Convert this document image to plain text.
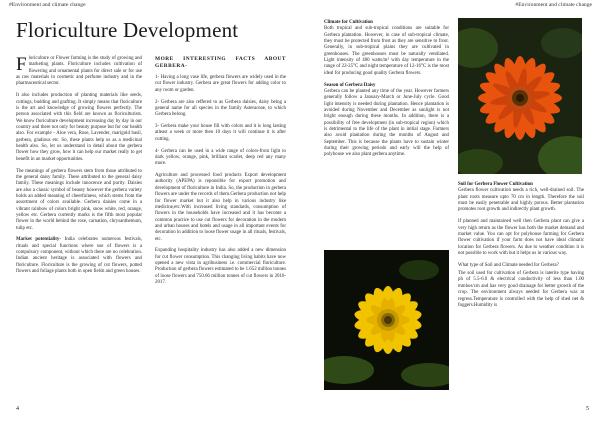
#Environment and climate change
Floriculture Development

Floriculture or Flower farming is the study of growing and marketing plants. Floriculture includes cultivation of flowering and ornamental plants for direct sale or for use as raw materials in cosmetic and perfume industry and in the pharmaceutical sector.

It also includes production of planting materials like seeds, cuttings, budding and grafting. It simply means that floriculture is the art and knowledge of growing flowers perfectly. The person associated with this field are known as floriculturists. We know floriculture development increasing day by day in our country and there not only for beauty purpose but for our health also. For example - Aloe vera, Rose, Lavender, marigold basil, gerbera, gladious etc. So, these plants help us as a medicinal health also. So, let us understand in detail about the gerbera flower how they grow, how it can help our market really to get benefit in an market opportunities.

The meanings of gerbera flowers stem from those attributed to the general daisy family. These attributed to the general daisy family. These meanings include innocence and purity. Daisies are also a classic symbol of beauty however the gerbera variety holds an added meaning of cheerfulness, which stems from the assortment of colors available. Gerbera daisies come in a vibrant rainbow of colors bright pink, snow white, red, orange, yellow etc. Gerbera currently marks is the fifth most popular flower in the world behind the rose, carnation, chrysanthemum, tulip etc.

Market potentiality- India celebrates numerous festivals, rituals and special functions where use of flowers is a compulsory component, without which there are no celebration. Indian ancient heritage is associated with flowers and floriculture. Floriculture is the growing of cut flowers, potted flowers and foliage plants both in open fields and green houses.

MORE INTERESTING FACTS ABOUT GERBERA-

1- Having a long vase life, gerbera flowers are widely used in the cut flower industry. Gerbera are great flowers for adding color to any room or garden.

2- Gerbera are also reffered to as Gerbera daisies, daisy being a general name for all species in the family Asteraceae, to which Gerbera belong.

3- Gerbera make your house fill with colors and it is long lasting atleast a week or more then 10 days it will continue it is after cutting.

4- Gerbera can be used in a wide range of colors-from light to dark yellow, orange, pink, brilliant scarlet, deep red any many more.

Agriculture and processed food products Export development authority (APEPA) is reponsible for export promotion and development of floriculture in India. So, the production in gerbera flowers are under the records of them.Gerbera production not help for flower market but it also help in various industry like medicine,etc.With increased living standards, consumption of flowers in the households have increased and it has become a common practice to use cut flowers for decoration in the modern and urban houses and hotels and usage in all important events for decoration in addition to loose flower usage in all rituals, festivals, etc.

Expanding hospitality industry has also added a new dimension for cut flower consumption. This changing living habits have now opened a new vista in agribusiness i.e. commercial floriculture. Production of gerbera flowers estimated to be 1.652 million tonnes of loose flowers and 750.66 million tonnes of cut flowers in 2016-2017.

4
#Environment and climate change

Climate for Cultivation

Both tropical and sub-tropical conditions are suitable for Gerbera plantation. However, in case of sub-tropical climate, they must be protected from frost as they are sensitive to frost. Generally, in sub-tropical plains they are cultivated in greenhouses. The greenhouses must be naturally ventilated. Light intensity of 400 watts/m² with day temperature in the range of 22-25°C and night temperature of 12-16°C is the most ideal for producing good quality Gerbera flowers.

Season of Gerbera Daisy

Gerbera can be planted any time of the year. However farmers generally follow a January-March or June-July cycle. Good light intensity is needed during plantation. Hence plantation is avoided during November and December as sunlight is not bright enough during these months. In addition, there is a possibility of free development (in sub-tropical region) which is detrimental to the life of the plant in initial stage. Farmers also avoid plantation during the months of August and September. This is because the plants have to sustain winter during their growing periods and early will the help of polyhouse we also plant gerbera anytime.

Soil for Gerbera Flower Cultivation

Gerbera flower cultivation needs a rich, well-drained soil. The plant roots measure upto 70 cm in length. Therefore the soil must be easily penetrable and highly porous. Better plantation promotes root growth and indirectly plant growth.

If planned and maintained well then Gerbera plant can give a very high return as the flower has both the market demand and market value. You can opt for polyhouse farming for Gerbera flower cultivation if your farm does not have ideal climatic location for Gerbera flowers. As due to weather condition it is not possible to work with but it helps us in various way.

What type of Soil and Climate needed for Gerbera?

The soil used for cultivation of Gerbera is laterite type having ph of 5.5-6.0 & electrical conductivity of less than 1.00 mmhos/cm and has very good drainage for better growth of the crop. The environment always needed for Gerbera was at regress.Temperature is controlled with the help of shed net & foggers.Humidity is

5
